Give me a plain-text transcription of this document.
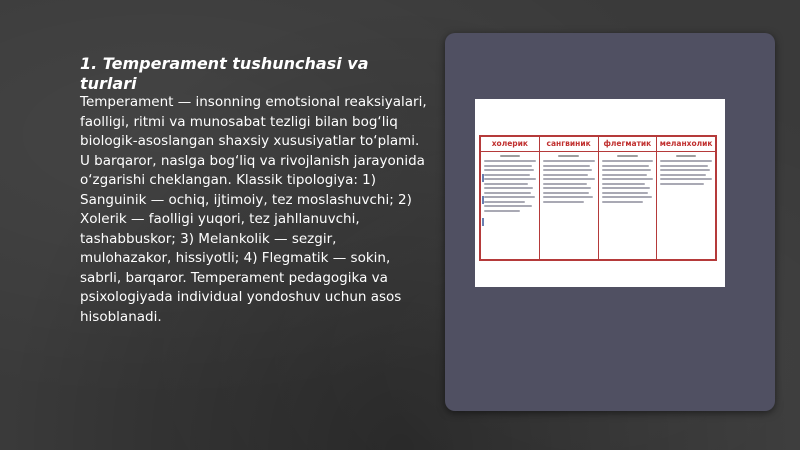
1. Temperament tushunchasi va turlari

Temperament — insonning emotsional reaksiyalari, faolligi, ritmi va munosabat tezligi bilan bog‘liq biologik-asoslangan shaxsiy xususiyatlar to‘plami. U barqaror, naslga bog‘liq va rivojlanish jarayonida o‘zgarishi cheklangan. Klassik tipologiya: 1) Sanguinik — ochiq, ijtimoiy, tez moslashuvchi; 2) Xolerik — faolligi yuqori, tez jahllanuvchi, tashabbuskor; 3) Melankolik — sezgir, mulohazakor, hissiyotli; 4) Flegmatik — sokin, sabrli, barqaror. Temperament pedagogika va psixologiyada individual yondoshuv uchun asos hisoblanadi.

холерик	сангвиник	флегматик	меланхолик
